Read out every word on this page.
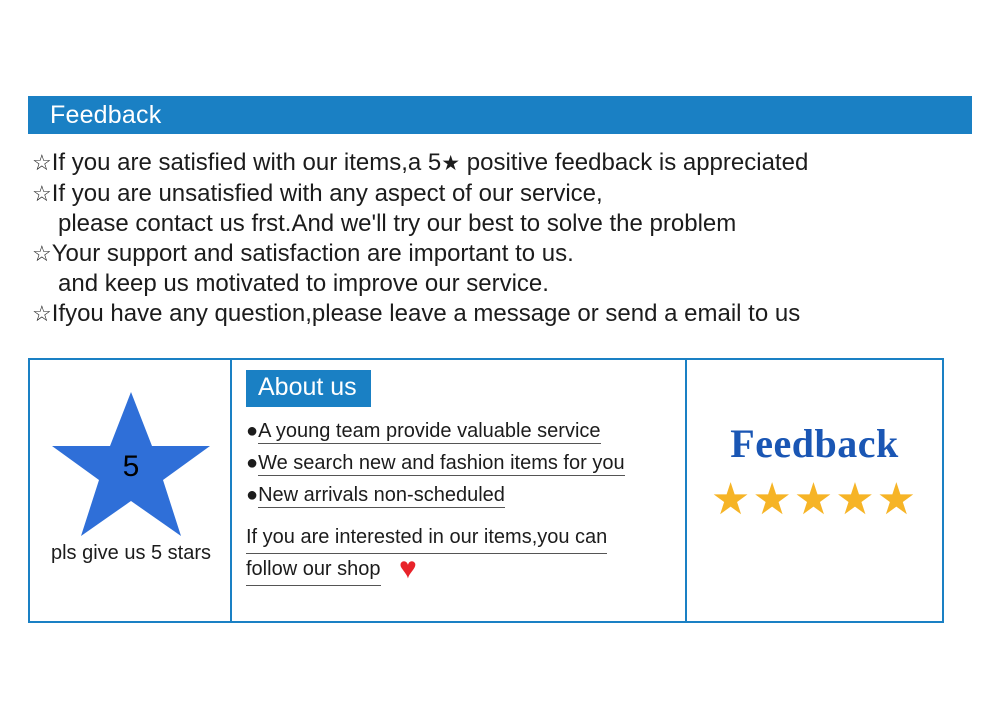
Feedback
☆If you are satisfied with our items,a 5★ positive feedback is appreciated
☆If you are unsatisfied with any aspect of our service,
please contact us frst.And we'll try our best to solve the problem
☆Your support and satisfaction are important to us.
and keep us motivated to improve our service.
☆Ifyou have any question,please leave a message or send a email to us
5
pls give us 5 stars
About us
●A young team provide valuable service
●We search new and fashion items for you
●New arrivals non-scheduled
If you are interested in our items,you can
follow our shop ♥
Feedback
★★★★★
